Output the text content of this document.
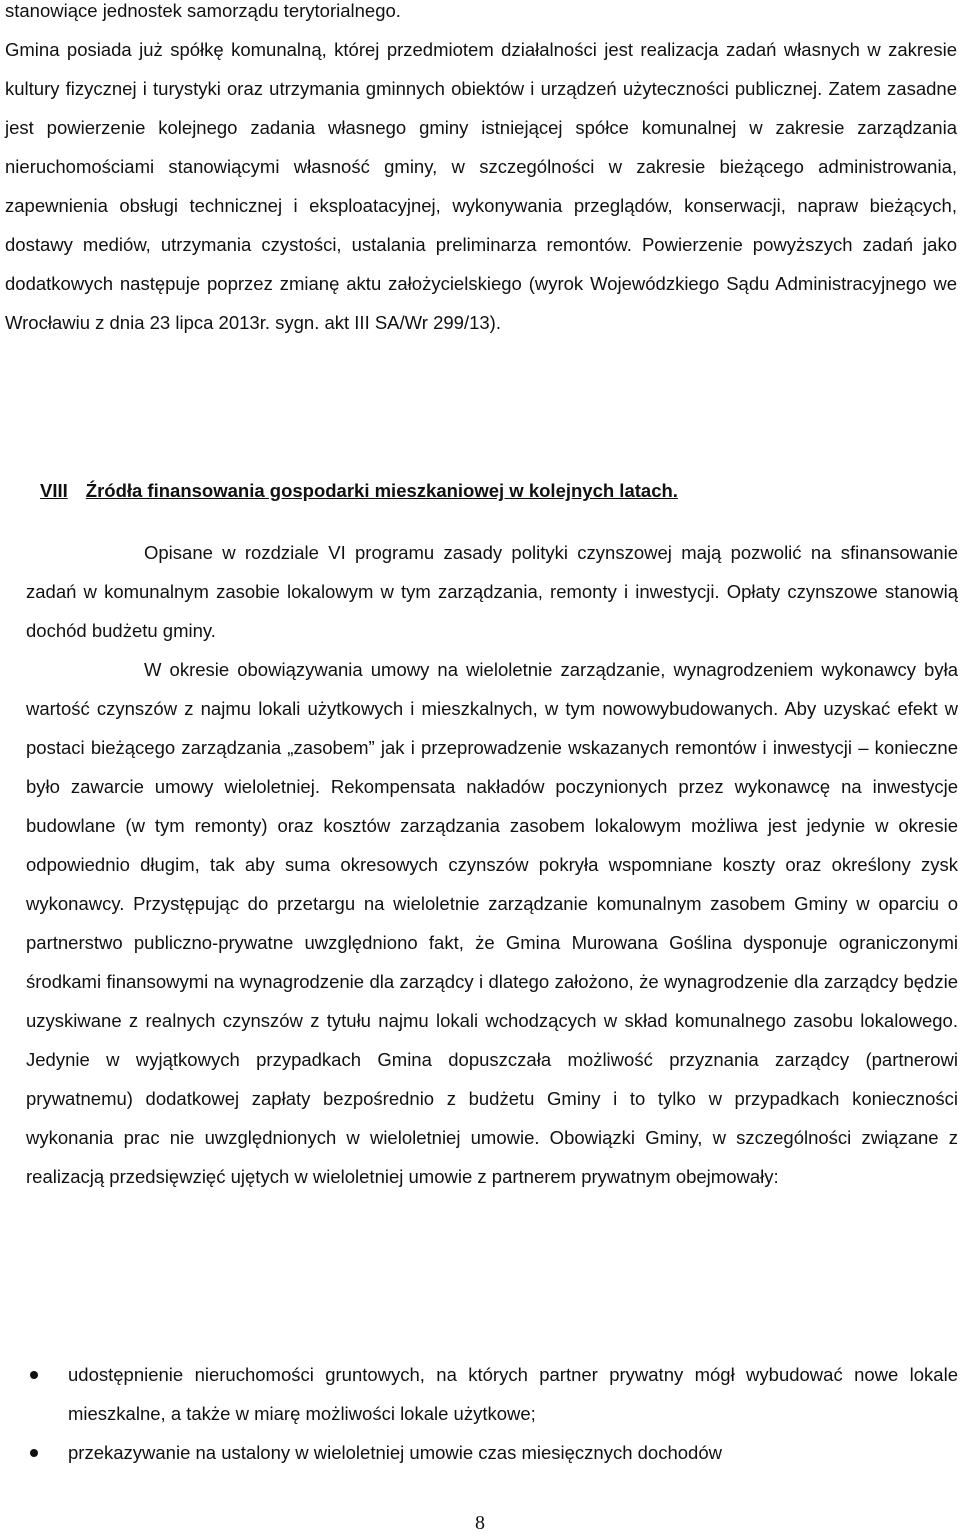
stanowiące jednostek samorządu terytorialnego.

Gmina posiada już spółkę komunalną, której przedmiotem działalności jest realizacja zadań własnych w zakresie kultury fizycznej i turystyki oraz utrzymania gminnych obiektów i urządzeń użyteczności publicznej. Zatem zasadne jest powierzenie kolejnego zadania własnego gminy istniejącej spółce komunalnej w zakresie zarządzania nieruchomościami stanowiącymi własność gminy, w szczególności w zakresie bieżącego administrowania, zapewnienia obsługi technicznej i eksploatacyjnej, wykonywania przeglądów, konserwacji, napraw bieżących, dostawy mediów, utrzymania czystości, ustalania preliminarza remontów. Powierzenie powyższych zadań jako dodatkowych następuje poprzez zmianę aktu założycielskiego (wyrok Wojewódzkiego Sądu Administracyjnego we Wrocławiu z dnia 23 lipca 2013r. sygn. akt III SA/Wr 299/13).

VIII Źródła finansowania gospodarki mieszkaniowej w kolejnych latach.

Opisane w rozdziale VI programu zasady polityki czynszowej mają pozwolić na sfinansowanie zadań w komunalnym zasobie lokalowym w tym zarządzania, remonty i inwestycji. Opłaty czynszowe stanowią dochód budżetu gminy.

W okresie obowiązywania umowy na wieloletnie zarządzanie, wynagrodzeniem wykonawcy była wartość czynszów z najmu lokali użytkowych i mieszkalnych, w tym nowowybudowanych. Aby uzyskać efekt w postaci bieżącego zarządzania „zasobem” jak i przeprowadzenie wskazanych remontów i inwestycji – konieczne było zawarcie umowy wieloletniej. Rekompensata nakładów poczynionych przez wykonawcę na inwestycje budowlane (w tym remonty) oraz kosztów zarządzania zasobem lokalowym możliwa jest jedynie w okresie odpowiednio długim, tak aby suma okresowych czynszów pokryła wspomniane koszty oraz określony zysk wykonawcy. Przystępując do przetargu na wieloletnie zarządzanie komunalnym zasobem Gminy w oparciu o partnerstwo publiczno-prywatne uwzględniono fakt, że Gmina Murowana Goślina dysponuje ograniczonymi środkami finansowymi na wynagrodzenie dla zarządcy i dlatego założono, że wynagrodzenie dla zarządcy będzie uzyskiwane z realnych czynszów z tytułu najmu lokali wchodzących w skład komunalnego zasobu lokalowego. Jedynie w wyjątkowych przypadkach Gmina dopuszczała możliwość przyznania zarządcy (partnerowi prywatnemu) dodatkowej zapłaty bezpośrednio z budżetu Gminy i to tylko w przypadkach konieczności wykonania prac nie uwzględnionych w wieloletniej umowie. Obowiązki Gminy, w szczególności związane z realizacją przedsięwzięć ujętych w wieloletniej umowie z partnerem prywatnym obejmowały:

udostępnienie nieruchomości gruntowych, na których partner prywatny mógł wybudować nowe lokale mieszkalne, a także w miarę możliwości lokale użytkowe;
przekazywanie na ustalony w wieloletniej umowie czas miesięcznych dochodów
8
